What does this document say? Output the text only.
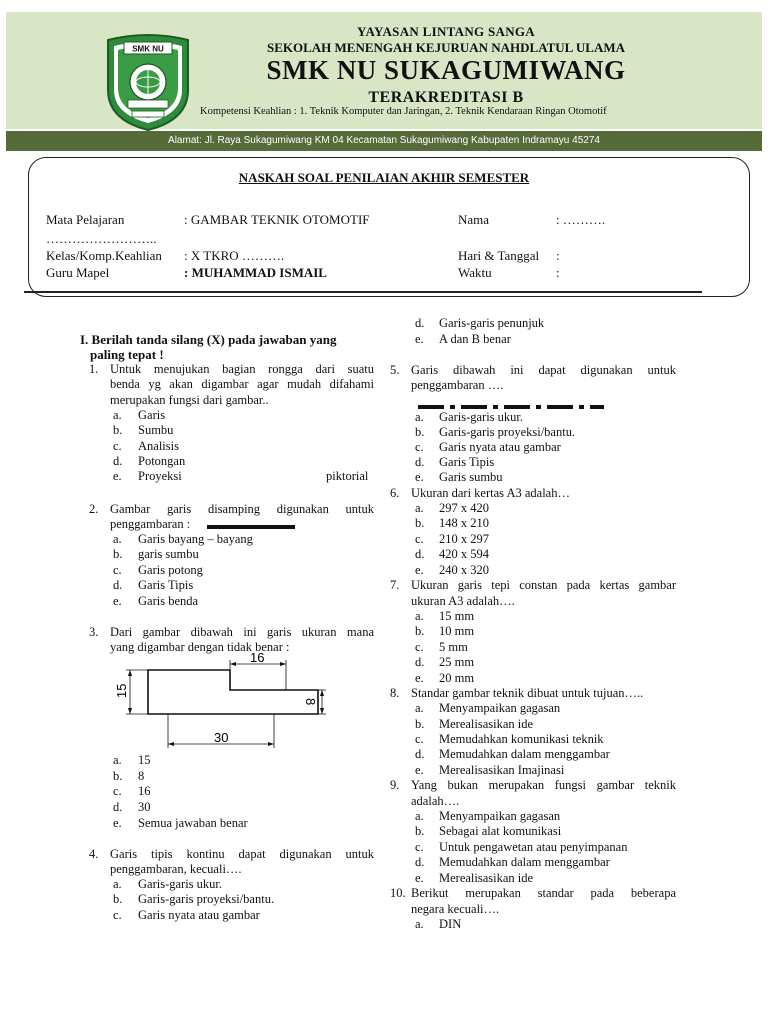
SMK NU
YAYASAN LINTANG SANGA
SEKOLAH MENENGAH KEJURUAN NAHDLATUL ULAMA
SMK NU SUKAGUMIWANG
TERAKREDITASI B
Kompetensi Keahlian : 1. Teknik Komputer dan Jaringan, 2. Teknik Kendaraan Ringan Otomotif
Alamat: Jl. Raya Sukagumiwang KM 04 Kecamatan Sukagumiwang Kabupaten Indramayu 45274
NASKAH SOAL PENILAIAN AKHIR SEMESTER
Mata Pelajaran	: GAMBAR TEKNIK OTOMOTIF	Nama	: ……….
……………………..
Kelas/Komp.Keahlian : X TKRO ……….	Hari & Tanggal :
Guru Mapel	: MUHAMMAD ISMAIL	Waktu	:
I. Berilah tanda silang (X) pada jawaban yang
paling tepat !
1. Untuk menujukan bagian rongga dari suatu
benda yg akan digambar agar mudah difahami
merupakan fungsi dari gambar..
a. Garis
b. Sumbu
c. Analisis
d. Potongan
e. Proyeksi	piktorial
2. Gambar garis disamping digunakan untuk
penggambaran :
a. Garis bayang – bayang
b. garis sumbu
c. Garis potong
d. Garis Tipis
e. Garis benda
3. Dari gambar dibawah ini garis ukuran mana
yang digambar dengan tidak benar :
16
15
8
30
a. 15
b. 8
c. 16
d. 30
e. Semua jawaban benar
4. Garis tipis kontinu dapat digunakan untuk
penggambaran, kecuali….
a. Garis-garis ukur.
b. Garis-garis proyeksi/bantu.
c. Garis nyata atau gambar
d. Garis-garis penunjuk
e. A dan B benar
5. Garis dibawah ini dapat digunakan untuk
penggambaran ….
a. Garis-garis ukur.
b. Garis-garis proyeksi/bantu.
c. Garis nyata atau gambar
d. Garis Tipis
e. Garis sumbu
6. Ukuran dari kertas A3 adalah…
a. 297 x 420
b. 148 x 210
c. 210 x 297
d. 420 x 594
e. 240 x 320
7. Ukuran garis tepi constan pada kertas gambar
ukuran A3 adalah….
a. 15 mm
b. 10 mm
c. 5 mm
d. 25 mm
e. 20 mm
8. Standar gambar teknik dibuat untuk tujuan…..
a. Menyampaikan gagasan
b. Merealisasikan ide
c. Memudahkan komunikasi teknik
d. Memudahkan dalam menggambar
e. Merealisasikan Imajinasi
9. Yang bukan merupakan fungsi gambar teknik
adalah….
a. Menyampaikan gagasan
b. Sebagai alat komunikasi
c. Untuk pengawetan atau penyimpanan
d. Memudahkan dalam menggambar
e. Merealisasikan ide
10. Berikut merupakan standar pada beberapa
negara kecuali….
a. DIN
